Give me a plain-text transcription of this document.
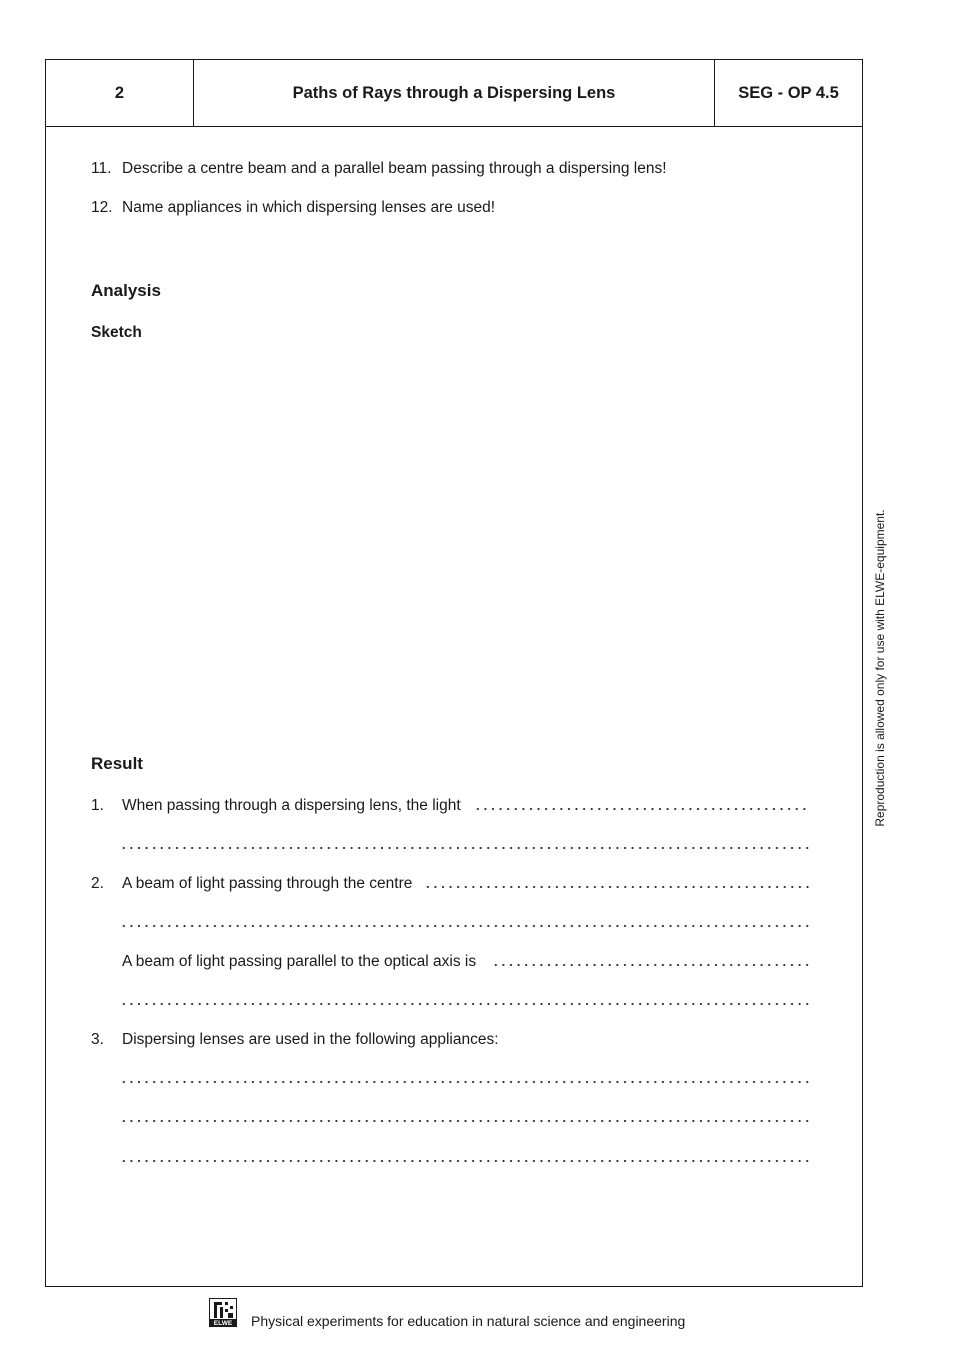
2	Paths of Rays through a Dispersing Lens	SEG - OP 4.5
11. Describe a centre beam and a parallel beam passing through a dispersing lens!
12. Name appliances in which dispersing lenses are used!
Analysis
Sketch
Result
1. When passing through a dispersing lens, the light
2. A beam of light passing through the centre
A beam of light passing parallel to the optical axis is
3. Dispersing lenses are used in the following appliances:
Reproduction is allowed only for use with ELWE-equipment.
ELWE Physical experiments for education in natural science and engineering
